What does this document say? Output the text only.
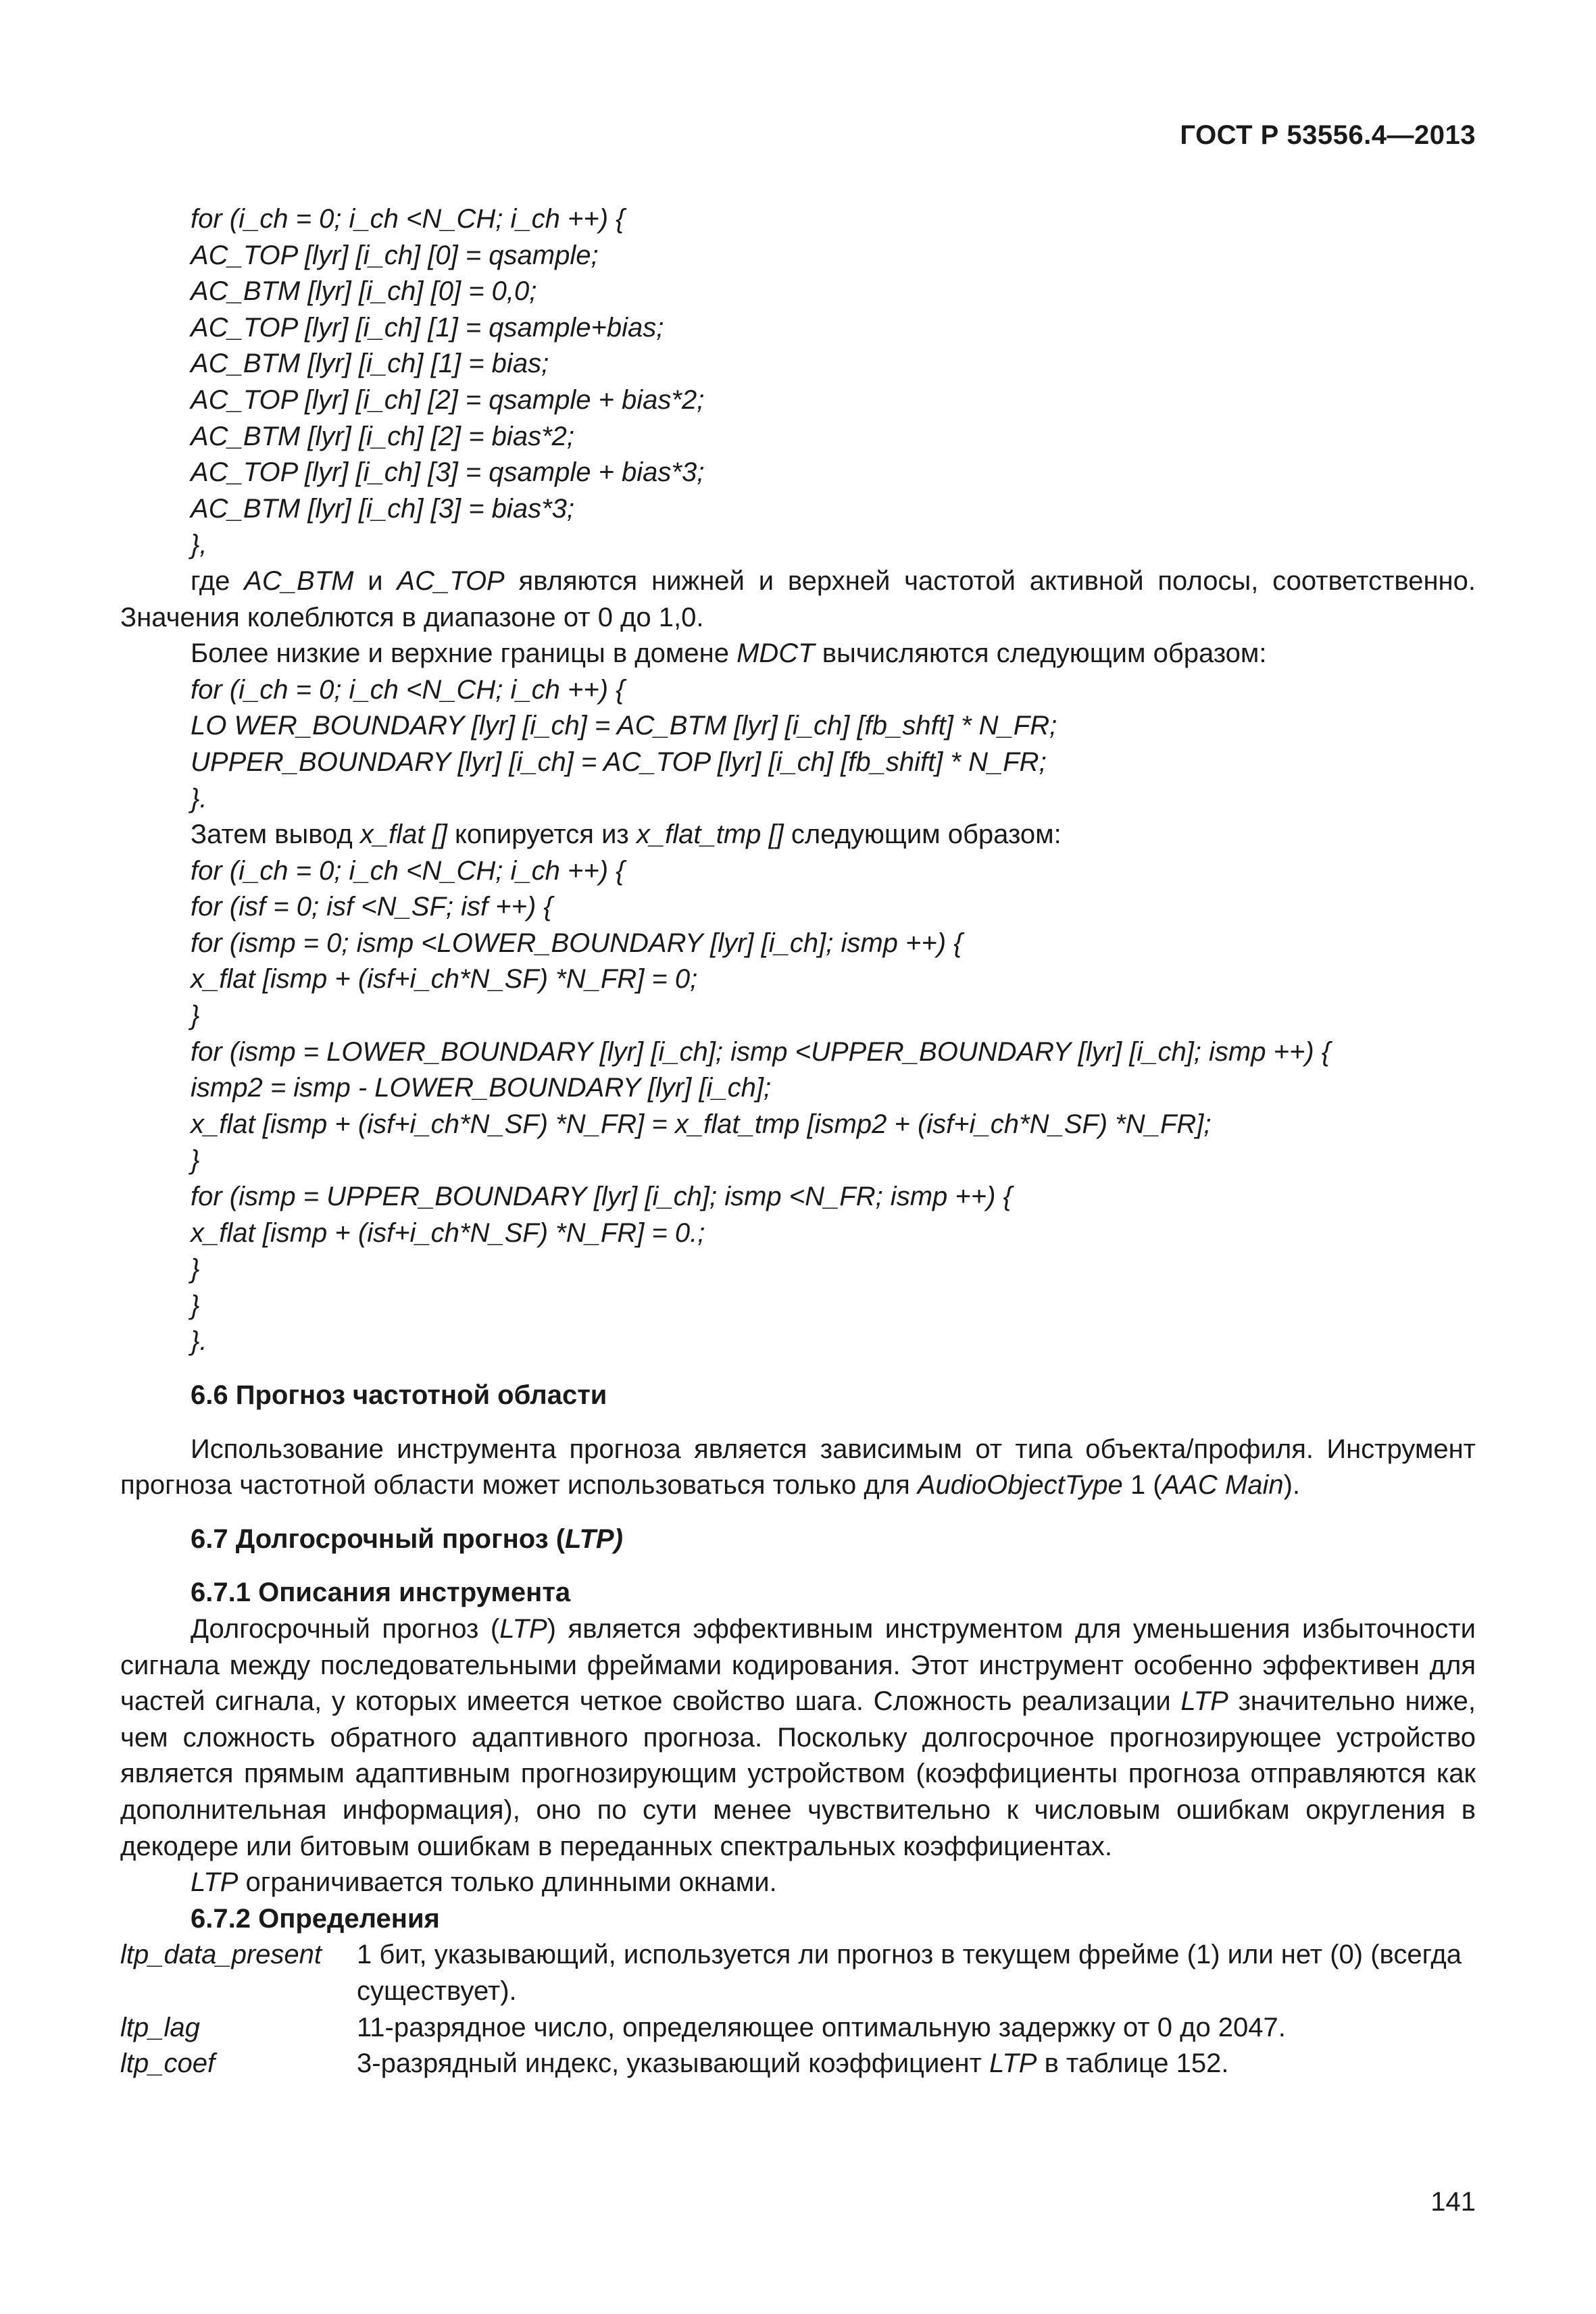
ГОСТ Р 53556.4—2013
for (i_ch = 0; i_ch <N_CH; i_ch ++) {
AC_TOP [lyr] [i_ch] [0] = qsample;
AC_BTM [lyr] [i_ch] [0] = 0,0;
AC_TOP [lyr] [i_ch] [1] = qsample+bias;
AC_BTM [lyr] [i_ch] [1] = bias;
AC_TOP [lyr] [i_ch] [2] = qsample + bias*2;
AC_BTM [lyr] [i_ch] [2] = bias*2;
AC_TOP [lyr] [i_ch] [3] = qsample + bias*3;
AC_BTM [lyr] [i_ch] [3] = bias*3;
},

где AC_BTM и AC_TOP являются нижней и верхней частотой активной полосы, соответственно. Значения колеблются в диапазоне от 0 до 1,0.

Более низкие и верхние границы в домене MDCT вычисляются следующим образом:

for (i_ch = 0; i_ch <N_CH; i_ch ++) {
LO WER_BOUNDARY [lyr] [i_ch] = AC_BTM [lyr] [i_ch] [fb_shft] * N_FR;
UPPER_BOUNDARY [lyr] [i_ch] = AC_TOP [lyr] [i_ch] [fb_shift] * N_FR;
}.

Затем вывод x_flat [] копируется из x_flat_tmp [] следующим образом:

for (i_ch = 0; i_ch <N_CH; i_ch ++) {
for (isf = 0; isf <N_SF; isf ++) {
for (ismp = 0; ismp <LOWER_BOUNDARY [lyr] [i_ch]; ismp ++) {
x_flat [ismp + (isf+i_ch*N_SF) *N_FR] = 0;
}
for (ismp = LOWER_BOUNDARY [lyr] [i_ch]; ismp <UPPER_BOUNDARY [lyr] [i_ch]; ismp ++) {
ismp2 = ismp - LOWER_BOUNDARY [lyr] [i_ch];
x_flat [ismp + (isf+i_ch*N_SF) *N_FR] = x_flat_tmp [ismp2 + (isf+i_ch*N_SF) *N_FR];
}
for (ismp = UPPER_BOUNDARY [lyr] [i_ch]; ismp <N_FR; ismp ++) {
x_flat [ismp + (isf+i_ch*N_SF) *N_FR] = 0.;
}
}
}.
6.6 Прогноз частотной области

Использование инструмента прогноза является зависимым от типа объекта/профиля. Инструмент прогноза частотной области может использоваться только для AudioObjectType 1 (AAC Main).

6.7 Долгосрочный прогноз (LTP)
6.7.1 Описания инструмента

Долгосрочный прогноз (LTP) является эффективным инструментом для уменьшения избыточности сигнала между последовательными фреймами кодирования. Этот инструмент особенно эффективен для частей сигнала, у которых имеется четкое свойство шага. Сложность реализации LTP значительно ниже, чем сложность обратного адаптивного прогноза. Поскольку долгосрочное прогнозирующее устройство является прямым адаптивным прогнозирующим устройством (коэффициенты прогноза отправляются как дополнительная информация), оно по сути менее чувствительно к числовым ошибкам округления в декодере или битовым ошибкам в переданных спектральных коэффициентах.

LTP ограничивается только длинными окнами.

6.7.2 Определения
ltp_data_present	1 бит, указывающий, используется ли прогноз в текущем фрейме (1) или нет (0) (всегда существует).
ltp_lag	11-разрядное число, определяющее оптимальную задержку от 0 до 2047.
ltp_coef	3-разрядный индекс, указывающий коэффициент LTP в таблице 152.
141
